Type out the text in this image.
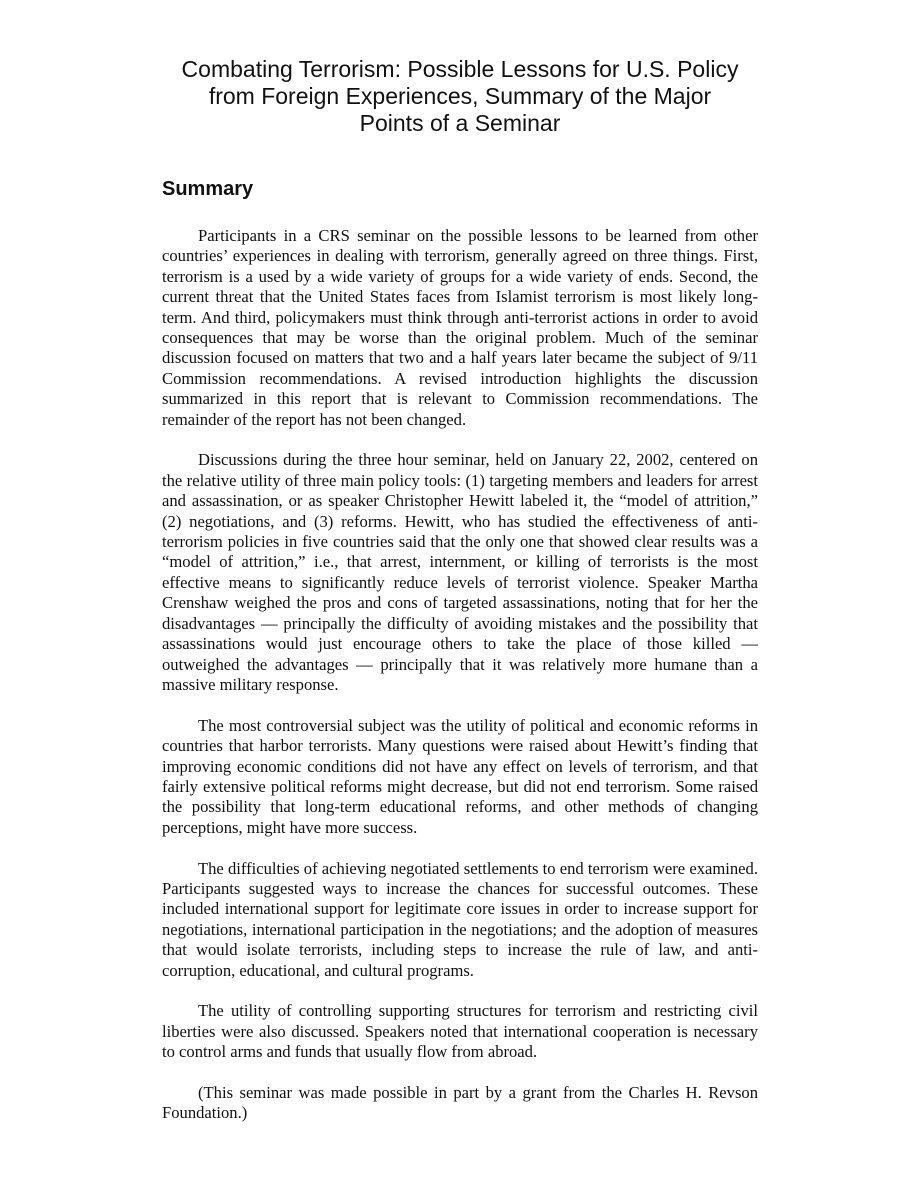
Combating Terrorism: Possible Lessons for U.S. Policy
from Foreign Experiences, Summary of the Major
Points of a Seminar
Summary

Participants in a CRS seminar on the possible lessons to be learned from other countries’ experiences in dealing with terrorism, generally agreed on three things. First, terrorism is a used by a wide variety of groups for a wide variety of ends. Second, the current threat that the United States faces from Islamist terrorism is most likely long-term. And third, policymakers must think through anti-terrorist actions in order to avoid consequences that may be worse than the original problem. Much of the seminar discussion focused on matters that two and a half years later became the subject of 9/11 Commission recommendations. A revised introduction highlights the discussion summarized in this report that is relevant to Commission recommendations. The remainder of the report has not been changed.

Discussions during the three hour seminar, held on January 22, 2002, centered on the relative utility of three main policy tools: (1) targeting members and leaders for arrest and assassination, or as speaker Christopher Hewitt labeled it, the “model of attrition,” (2) negotiations, and (3) reforms. Hewitt, who has studied the effectiveness of anti-terrorism policies in five countries said that the only one that showed clear results was a “model of attrition,” i.e., that arrest, internment, or killing of terrorists is the most effective means to significantly reduce levels of terrorist violence. Speaker Martha Crenshaw weighed the pros and cons of targeted assassinations, noting that for her the disadvantages — principally the difficulty of avoiding mistakes and the possibility that assassinations would just encourage others to take the place of those killed — outweighed the advantages — principally that it was relatively more humane than a massive military response.

The most controversial subject was the utility of political and economic reforms in countries that harbor terrorists. Many questions were raised about Hewitt’s finding that improving economic conditions did not have any effect on levels of terrorism, and that fairly extensive political reforms might decrease, but did not end terrorism. Some raised the possibility that long-term educational reforms, and other methods of changing perceptions, might have more success.

The difficulties of achieving negotiated settlements to end terrorism were examined. Participants suggested ways to increase the chances for successful outcomes. These included international support for legitimate core issues in order to increase support for negotiations, international participation in the negotiations; and the adoption of measures that would isolate terrorists, including steps to increase the rule of law, and anti-corruption, educational, and cultural programs.

The utility of controlling supporting structures for terrorism and restricting civil liberties were also discussed. Speakers noted that international cooperation is necessary to control arms and funds that usually flow from abroad.

(This seminar was made possible in part by a grant from the Charles H. Revson Foundation.)
